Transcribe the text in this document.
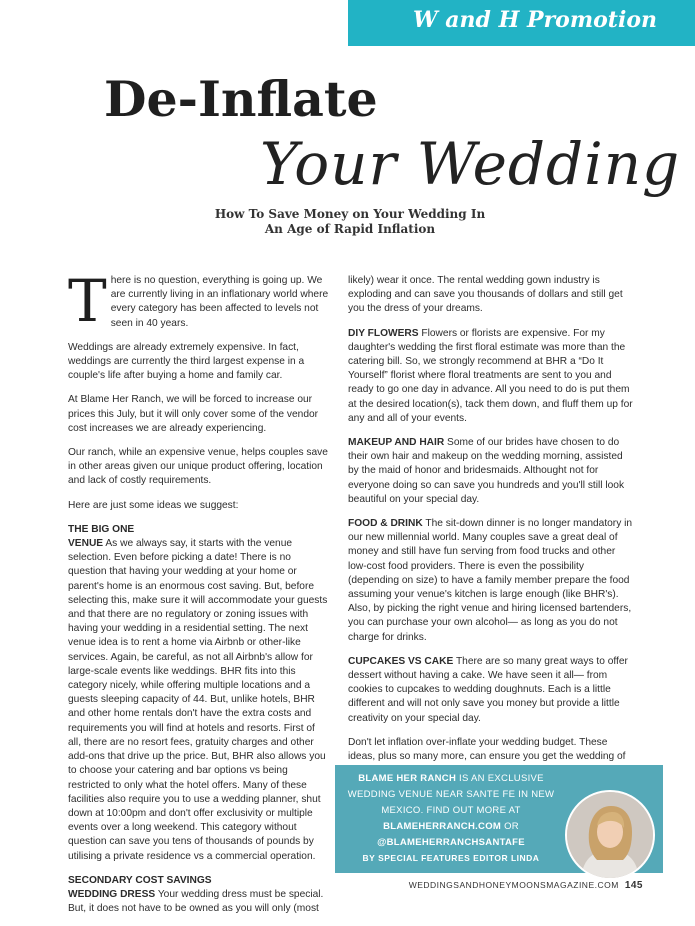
W and H Promotion
De-Inflate
Your Wedding
How To Save Money on Your Wedding In
An Age of Rapid Inflation

There is no question, everything is going up. We are currently living in an inflationary world where every category has been affected to levels not seen in 40 years.

Weddings are already extremely expensive. In fact, weddings are currently the third largest expense in a couple's life after buying a home and family car.

At Blame Her Ranch, we will be forced to increase our prices this July, but it will only cover some of the vendor cost increases we are already experiencing.

Our ranch, while an expensive venue, helps couples save in other areas given our unique product offering, location and lack of costly requirements.

Here are just some ideas we suggest:

THE BIG ONE

VENUE As we always say, it starts with the venue selection. Even before picking a date! There is no question that having your wedding at your home or parent's home is an enormous cost saving. But, before selecting this, make sure it will accommodate your guests and that there are no regulatory or zoning issues with having your wedding in a residential setting. The next venue idea is to rent a home via Airbnb or other-like services. Again, be careful, as not all Airbnb's allow for large-scale events like weddings. BHR fits into this category nicely, while offering multiple locations and a guests sleeping capacity of 44. But, unlike hotels, BHR and other home rentals don't have the extra costs and requirements you will find at hotels and resorts. First of all, there are no resort fees, gratuity charges and other add-ons that drive up the price. But, BHR also allows you to choose your catering and bar options vs being restricted to only what the hotel offers. Many of these facilities also require you to use a wedding planner, shut down at 10:00pm and don't offer exclusivity or multiple events over a long weekend. This category without question can save you tens of thousands of pounds by utilising a private residence vs a commercial operation.

SECONDARY COST SAVINGS

WEDDING DRESS Your wedding dress must be special. But, it does not have to be owned as you will only (most

likely) wear it once. The rental wedding gown industry is exploding and can save you thousands of dollars and still get you the dress of your dreams.

DIY FLOWERS Flowers or florists are expensive. For my daughter's wedding the first floral estimate was more than the catering bill. So, we strongly recommend at BHR a “Do It Yourself” florist where floral treatments are sent to you and ready to go one day in advance. All you need to do is put them at the desired location(s), tack them down, and fluff them up for any and all of your events.

MAKEUP AND HAIR Some of our brides have chosen to do their own hair and makeup on the wedding morning, assisted by the maid of honor and bridesmaids. Althought not for everyone doing so can save you hundreds and you'll still look beautiful on your special day.

FOOD & DRINK The sit-down dinner is no longer mandatory in our new millennial world. Many couples save a great deal of money and still have fun serving from food trucks and other low-cost food providers. There is even the possibility (depending on size) to have a family member prepare the food assuming your venue's kitchen is large enough (like BHR's). Also, by picking the right venue and hiring licensed bartenders, you can purchase your own alcohol— as long as you do not charge for drinks.

CUPCAKES VS CAKE There are so many great ways to offer dessert without having a cake. We have seen it all— from cookies to cupcakes to wedding doughnuts. Each is a little different and will not only save you money but provide a little creativity on your special day.

Don't let inflation over-inflate your wedding budget. These ideas, plus so many more, can ensure you get the wedding of

BLAME HER RANCH IS AN EXCLUSIVE WEDDING VENUE NEAR SANTE FE IN NEW MEXICO. FIND OUT MORE AT BLAMEHERRANCH.COM OR @BLAMEHERRANCHSANTAFE
BY SPECIAL FEATURES EDITOR LINDA
WEDDINGSANDHONEYMOONSMAGAZINE.COM 145
